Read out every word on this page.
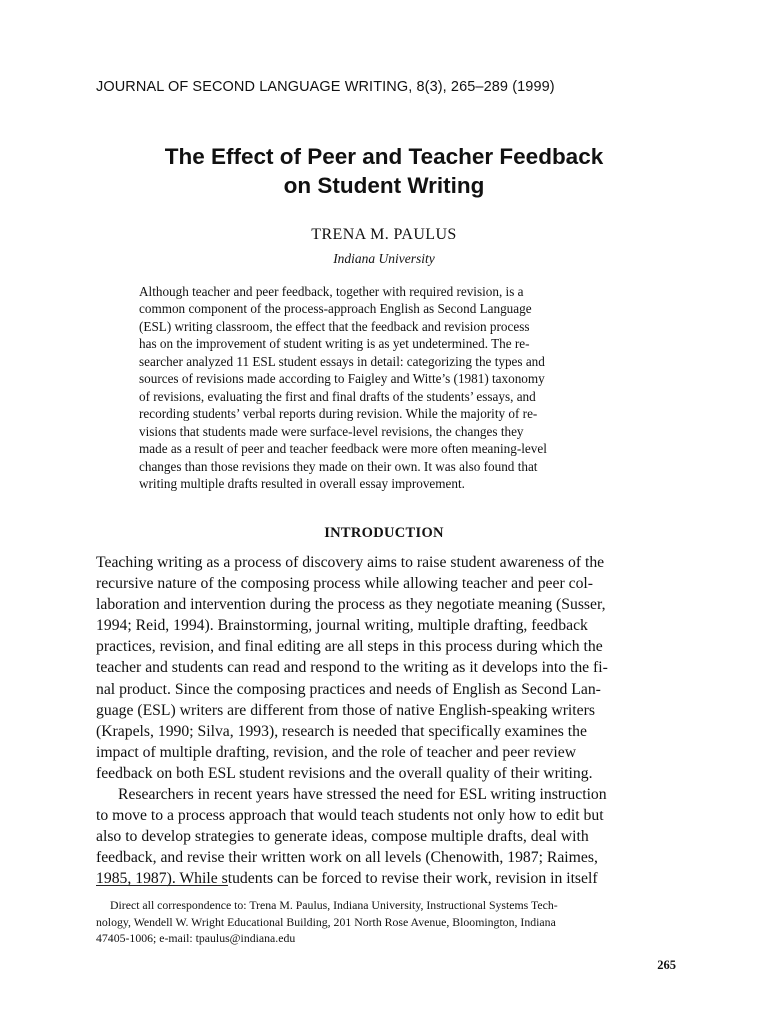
JOURNAL OF SECOND LANGUAGE WRITING, 8(3), 265–289 (1999)
The Effect of Peer and Teacher Feedback
on Student Writing
TRENA M. PAULUS
Indiana University
Although teacher and peer feedback, together with required revision, is a
common component of the process-approach English as Second Language
(ESL) writing classroom, the effect that the feedback and revision process
has on the improvement of student writing is as yet undetermined. The re-
searcher analyzed 11 ESL student essays in detail: categorizing the types and
sources of revisions made according to Faigley and Witte’s (1981) taxonomy
of revisions, evaluating the first and final drafts of the students’ essays, and
recording students’ verbal reports during revision. While the majority of re-
visions that students made were surface-level revisions, the changes they
made as a result of peer and teacher feedback were more often meaning-level
changes than those revisions they made on their own. It was also found that
writing multiple drafts resulted in overall essay improvement.
INTRODUCTION
Teaching writing as a process of discovery aims to raise student awareness of the
recursive nature of the composing process while allowing teacher and peer col-
laboration and intervention during the process as they negotiate meaning (Susser,
1994; Reid, 1994). Brainstorming, journal writing, multiple drafting, feedback
practices, revision, and final editing are all steps in this process during which the
teacher and students can read and respond to the writing as it develops into the fi-
nal product. Since the composing practices and needs of English as Second Lan-
guage (ESL) writers are different from those of native English-speaking writers
(Krapels, 1990; Silva, 1993), research is needed that specifically examines the
impact of multiple drafting, revision, and the role of teacher and peer review
feedback on both ESL student revisions and the overall quality of their writing.
Researchers in recent years have stressed the need for ESL writing instruction
to move to a process approach that would teach students not only how to edit but
also to develop strategies to generate ideas, compose multiple drafts, deal with
feedback, and revise their written work on all levels (Chenowith, 1987; Raimes,
1985, 1987). While students can be forced to revise their work, revision in itself
Direct all correspondence to: Trena M. Paulus, Indiana University, Instructional Systems Tech-
nology, Wendell W. Wright Educational Building, 201 North Rose Avenue, Bloomington, Indiana
47405-1006; e-mail: tpaulus@indiana.edu
265
